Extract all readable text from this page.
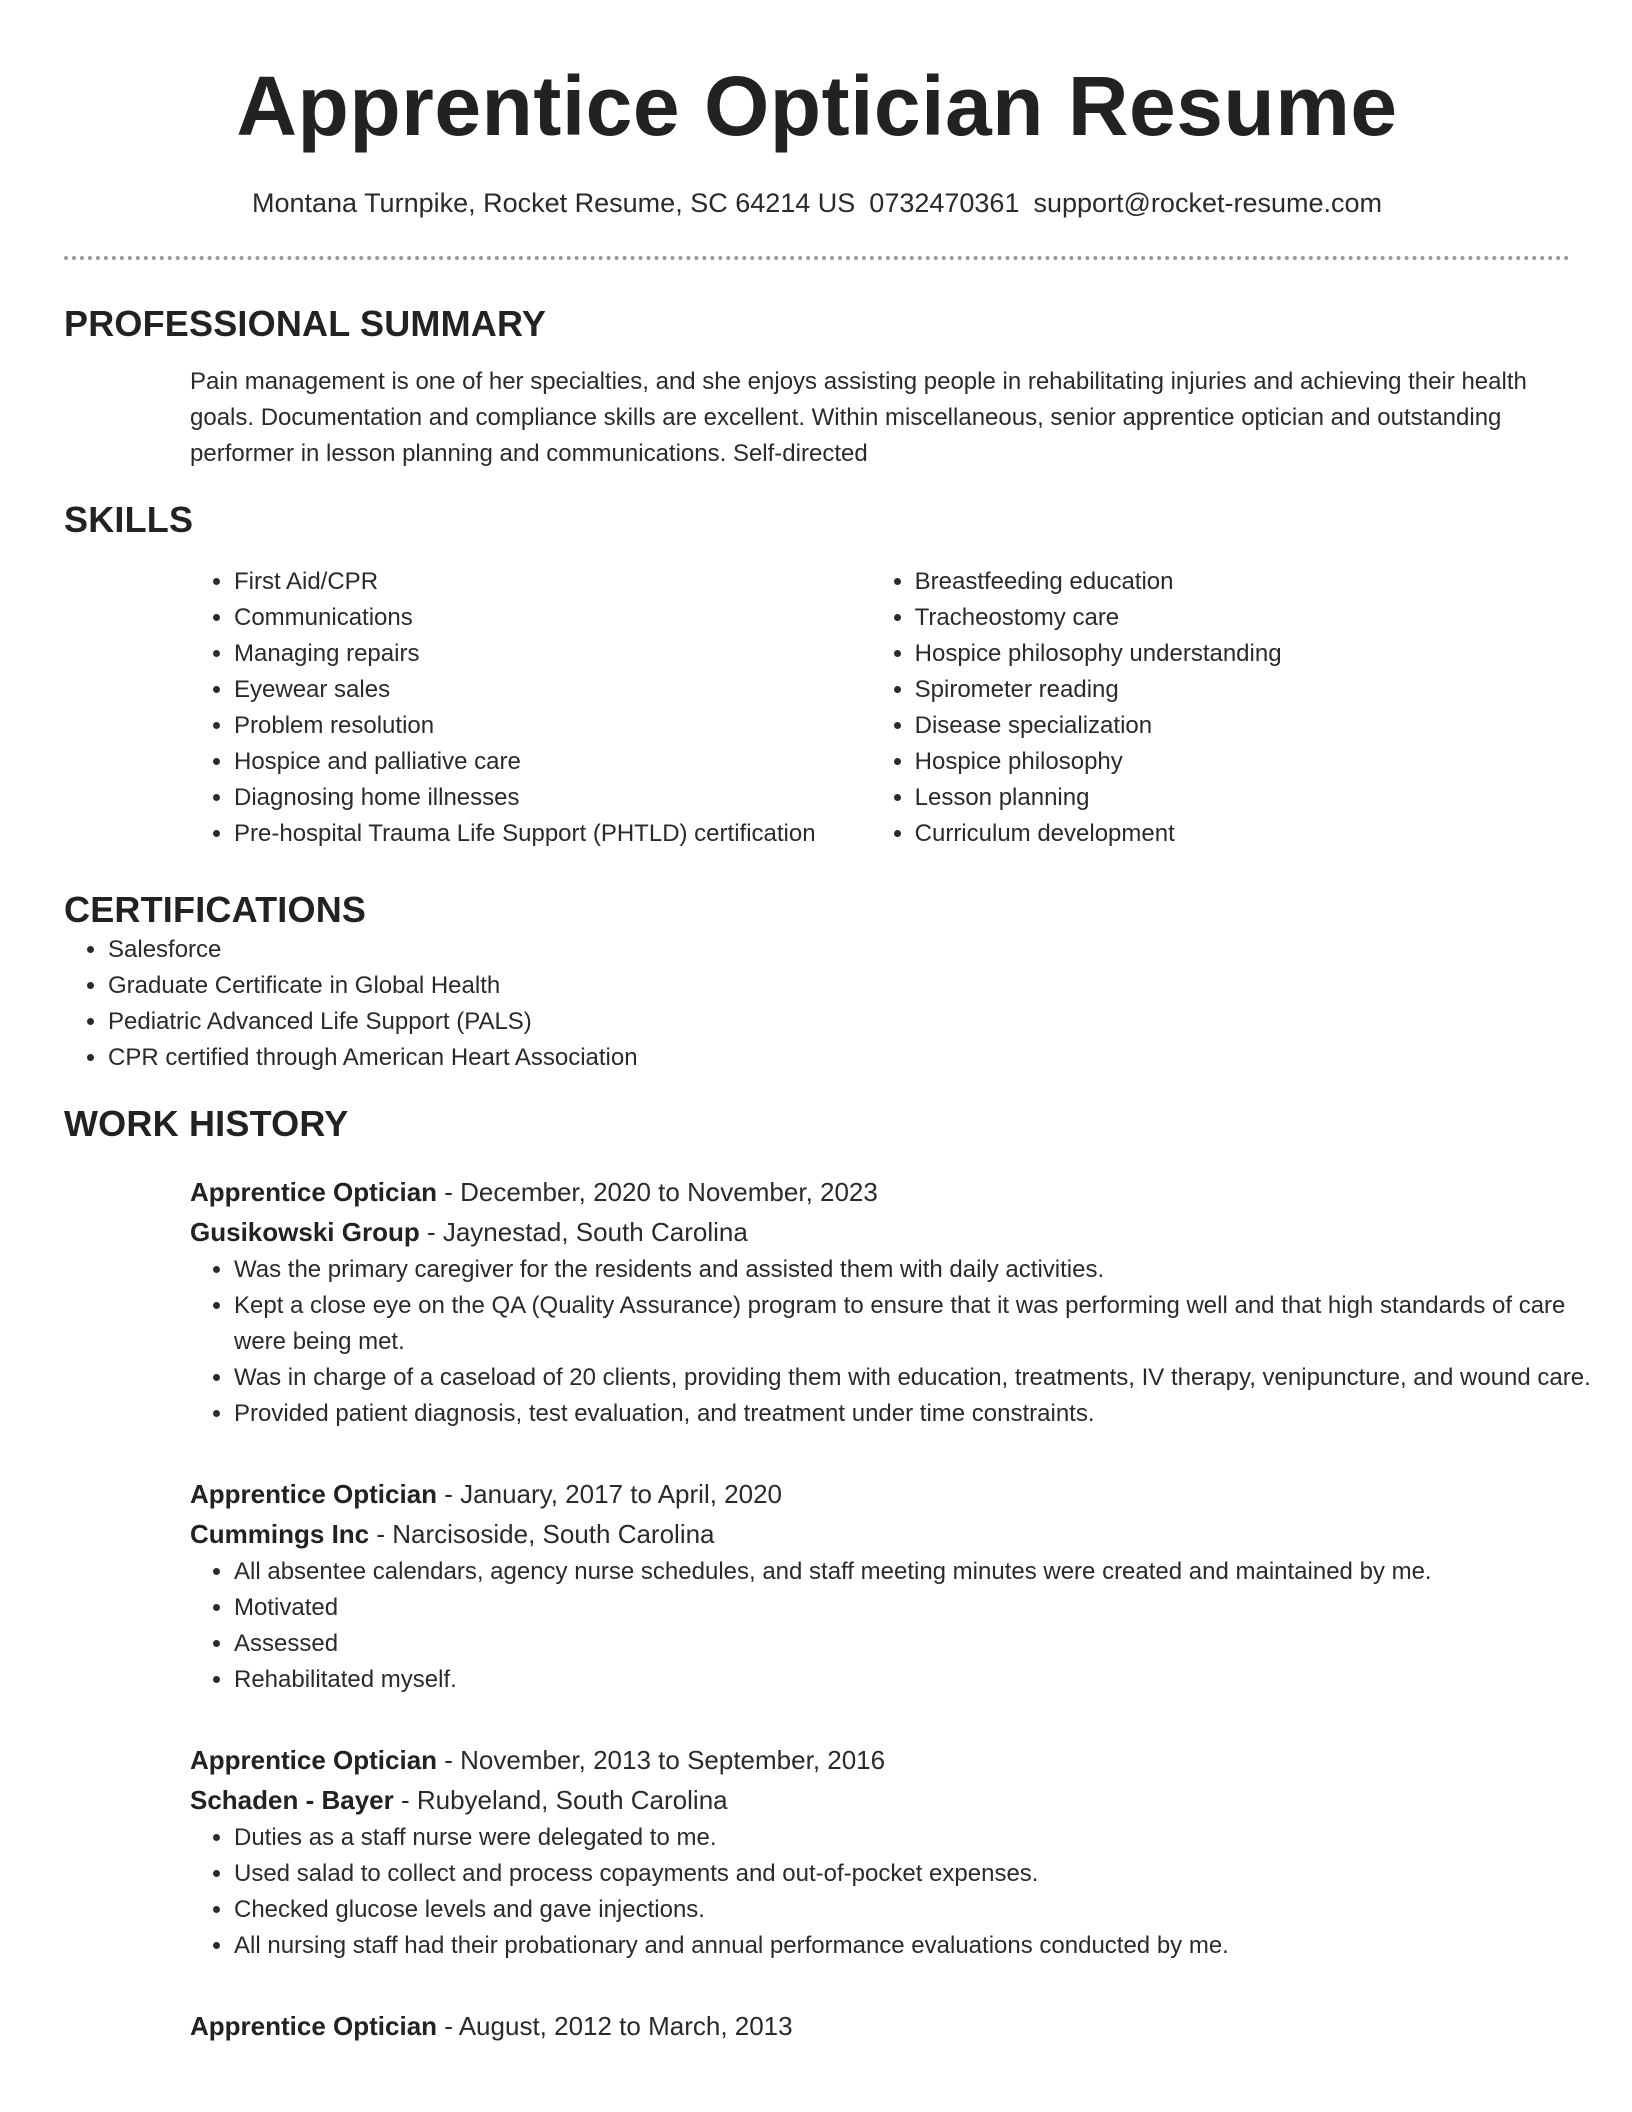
Apprentice Optician Resume
Montana Turnpike, Rocket Resume, SC 64214 US 0732470361 support@rocket-resume.com
PROFESSIONAL SUMMARY
Pain management is one of her specialties, and she enjoys assisting people in rehabilitating injuries and achieving their health goals. Documentation and compliance skills are excellent. Within miscellaneous, senior apprentice optician and outstanding performer in lesson planning and communications. Self-directed
SKILLS
• First Aid/CPR
• Communications
• Managing repairs
• Eyewear sales
• Problem resolution
• Hospice and palliative care
• Diagnosing home illnesses
• Pre-hospital Trauma Life Support (PHTLD) certification
• Breastfeeding education
• Tracheostomy care
• Hospice philosophy understanding
• Spirometer reading
• Disease specialization
• Hospice philosophy
• Lesson planning
• Curriculum development
CERTIFICATIONS
• Salesforce
• Graduate Certificate in Global Health
• Pediatric Advanced Life Support (PALS)
• CPR certified through American Heart Association
WORK HISTORY
Apprentice Optician - December, 2020 to November, 2023
Gusikowski Group - Jaynestad, South Carolina
• Was the primary caregiver for the residents and assisted them with daily activities.
• Kept a close eye on the QA (Quality Assurance) program to ensure that it was performing well and that high standards of care were being met.
• Was in charge of a caseload of 20 clients, providing them with education, treatments, IV therapy, venipuncture, and wound care.
• Provided patient diagnosis, test evaluation, and treatment under time constraints.
Apprentice Optician - January, 2017 to April, 2020
Cummings Inc - Narcisoside, South Carolina
• All absentee calendars, agency nurse schedules, and staff meeting minutes were created and maintained by me.
• Motivated
• Assessed
• Rehabilitated myself.
Apprentice Optician - November, 2013 to September, 2016
Schaden - Bayer - Rubyeland, South Carolina
• Duties as a staff nurse were delegated to me.
• Used salad to collect and process copayments and out-of-pocket expenses.
• Checked glucose levels and gave injections.
• All nursing staff had their probationary and annual performance evaluations conducted by me.
Apprentice Optician - August, 2012 to March, 2013
